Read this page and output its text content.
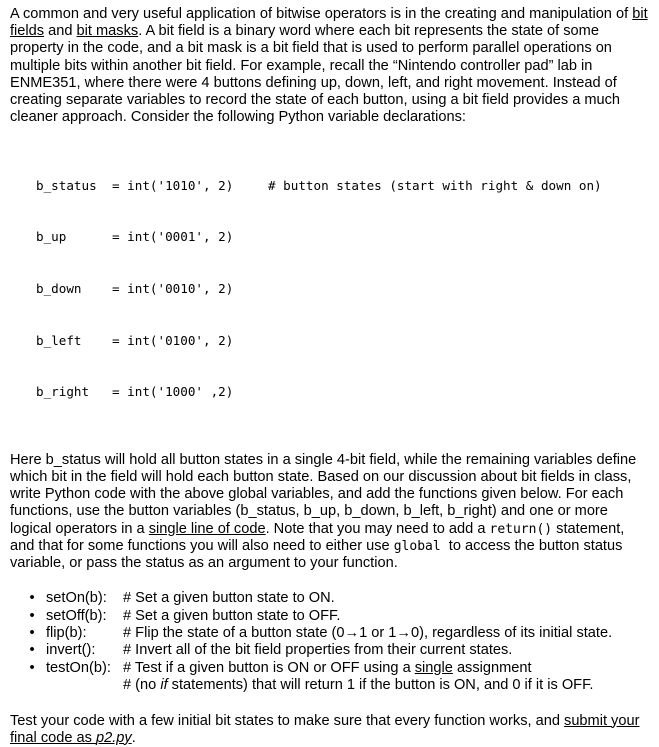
A common and very useful application of bitwise operators is in the creating and manipulation of bit fields and bit masks. A bit field is a binary word where each bit represents the state of some property in the code, and a bit mask is a bit field that is used to perform parallel operations on multiple bits within another bit field. For example, recall the “Nintendo controller pad” lab in ENME351, where there were 4 buttons defining up, down, left, and right movement. Instead of creating separate variables to record the state of each button, using a bit field provides a much cleaner approach. Consider the following Python variable declarations:

b_status	= int('1010', 2)	# button states (start with right & down on)

b_up	= int('0001', 2)

b_down	= int('0010', 2)

b_left	= int('0100', 2)

b_right	= int('1000' ,2)

Here b_status will hold all button states in a single 4-bit field, while the remaining variables define which bit in the field will hold each button state. Based on our discussion about bit fields in class, write Python code with the above global variables, and add the functions given below. For each functions, use the button variables (b_status, b_up, b_down, b_left, b_right) and one or more logical operators in a single line of code. Note that you may need to add a return() statement, and that for some functions you will also need to either use global  to access the button status variable, or pass the status as an argument to your function.

• setOn(b):	# Set a given button state to ON.
• setOff(b):	# Set a given button state to OFF.
• flip(b):	# Flip the state of a button state (0→1 or 1→0), regardless of its initial state.
• invert():	# Invert all of the bit field properties from their current states.
• testOn(b): # Test if a given button is ON or OFF using a single assignment
# (no if statements) that will return 1 if the button is ON, and 0 if it is OFF.

Test your code with a few initial bit states to make sure that every function works, and submit your final code as p2.py.
